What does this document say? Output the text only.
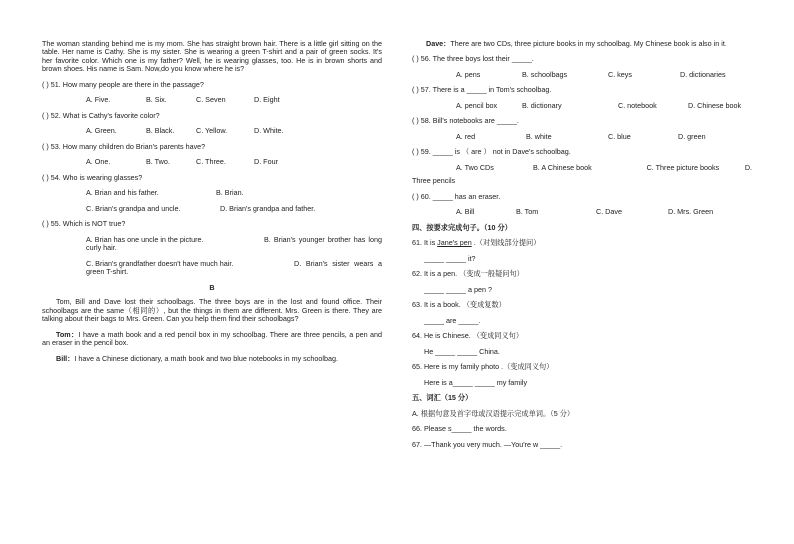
The woman standing behind me is my mom. She has straight brown hair. There is a little girl sitting on the table. Her name is Cathy. She is my sister. She is wearing a green T-shirt and a pair of green socks. It's her favorite color. Which one is my father? Well, he is wearing glasses, too. He is in brown shorts and brown shoes. His name is Sam. Now,do you know where he is?

( ) 51. How many people are there in the passage?
A. Five.	B. Six.	C. Seven	D. Eight
( ) 52. What is Cathy's favorite color?
A. Green.	B. Black.	C. Yellow.	D. White.
( ) 53. How many children do Brian's parents have?
A. One.	B. Two.	C. Three.	D. Four
( ) 54. Who is wearing glasses?
A. Brian and his father.	B. Brian.
C. Brian's grandpa and uncle.	D. Brian's grandpa and father.
( ) 55. Which is NOT true?

A. Brian has one uncle in the picture.	B. Brian's younger brother has long curly hair.

C. Brian's grandfather doesn't have much hair.	D. Brian's sister wears a green T-shirt.

B

Tom, Bill and Dave lost their schoolbags. The three boys are in the lost and found office. Their schoolbags are the same（相同的）, but the things in them are different. Mrs. Green is there. They are talking about their bags to Mrs. Green. Can you help them find their schoolbags?

Tom：I have a math book and a red pencil box in my schoolbag. There are three pencils, a pen and an eraser in the pencil box.

Bill：I have a Chinese dictionary, a math book and two blue notebooks in my schoolbag.

Dave：There are two CDs, three picture books in my schoolbag. My Chinese book is also in it.

( ) 56. The three boys lost their _____.
A. pens	B. schoolbags	C. keys	D. dictionaries
( ) 57. There is a _____ in Tom's schoolbag.
A. pencil box	B. dictionary	C. notebook	D. Chinese book
( ) 58. Bill's notebooks are _____.
A. red	B. white	C. blue	D. green
( ) 59. _____ is （ are ） not in Dave's schoolbag.
A. Two CDs	B. A Chinese book	C. Three picture books	D.
Three pencils
( ) 60. _____ has an eraser.
A. Bill	B. Tom	C. Dave	D. Mrs. Green
四、按要求完成句子。（10 分）
61. It is Jane's pen .（对划线部分提问）
_____ _____ it?
62. It is a pen. （变成一般疑问句）
_____ _____ a pen ?
63. It is a book. （变成复数）
_____ are _____.
64. He is Chinese. （变成同义句）
He _____ _____ China.
65. Here is my family photo .（变成同义句）
Here is a_____ _____ my family
五、词汇（15 分）
A. 根据句意及首字母或汉语提示完成单词。（5 分）
66. Please s_____ the words.
67. —Thank you very much. —You're w _____.
